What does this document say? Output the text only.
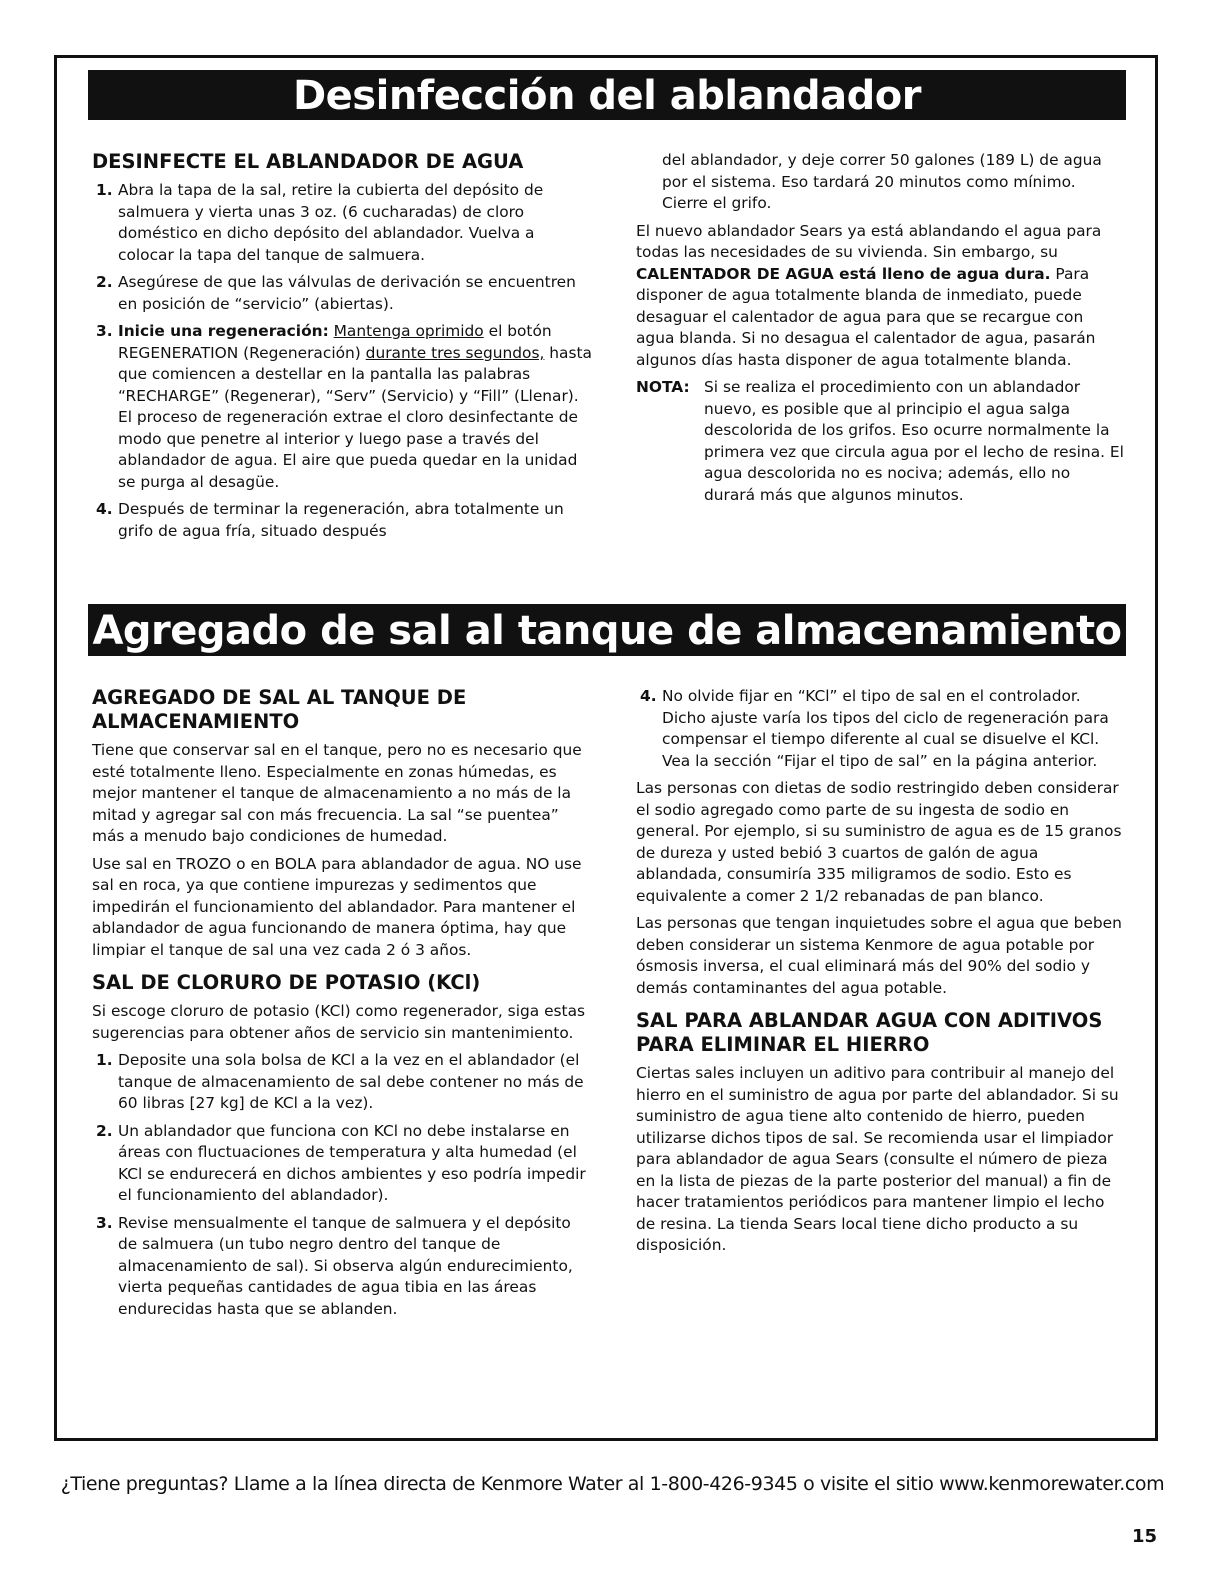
Desinfección del ablandador
DESINFECTE EL ABLANDADOR DE AGUA
1. Abra la tapa de la sal, retire la cubierta del depósito de salmuera y vierta unas 3 oz. (6 cucharadas) de cloro doméstico en dicho depósito del ablandador. Vuelva a colocar la tapa del tanque de salmuera.
2. Asegúrese de que las válvulas de derivación se encuentren en posición de “servicio” (abiertas).
3. Inicie una regeneración: Mantenga oprimido el botón REGENERATION (Regeneración) durante tres segundos, hasta que comiencen a destellar en la pantalla las palabras “RECHARGE” (Regenerar), “Serv” (Servicio) y “Fill” (Llenar). El proceso de regeneración extrae el cloro desinfectante de modo que penetre al interior y luego pase a través del ablandador de agua. El aire que pueda quedar en la unidad se purga al desagüe.
4. Después de terminar la regeneración, abra totalmente un grifo de agua fría, situado después
del ablandador, y deje correr 50 galones (189 L) de agua por el sistema. Eso tardará 20 minutos como mínimo. Cierre el grifo.

El nuevo ablandador Sears ya está ablandando el agua para todas las necesidades de su vivienda. Sin embargo, su CALENTADOR DE AGUA está lleno de agua dura. Para disponer de agua totalmente blanda de inmediato, puede desaguar el calentador de agua para que se recargue con agua blanda. Si no desagua el calentador de agua, pasarán algunos días hasta disponer de agua totalmente blanda.

NOTA: Si se realiza el procedimiento con un ablandador nuevo, es posible que al principio el agua salga descolorida de los grifos. Eso ocurre normalmente la primera vez que circula agua por el lecho de resina. El agua descolorida no es nociva; además, ello no durará más que algunos minutos.
Agregado de sal al tanque de almacenamiento
AGREGADO DE SAL AL TANQUE DE ALMACENAMIENTO

Tiene que conservar sal en el tanque, pero no es necesario que esté totalmente lleno. Especialmente en zonas húmedas, es mejor mantener el tanque de almacenamiento a no más de la mitad y agregar sal con más frecuencia. La sal “se puentea” más a menudo bajo condiciones de humedad.

Use sal en TROZO o en BOLA para ablandador de agua. NO use sal en roca, ya que contiene impurezas y sedimentos que impedirán el funcionamiento del ablandador. Para mantener el ablandador de agua funcionando de manera óptima, hay que limpiar el tanque de sal una vez cada 2 ó 3 años.

SAL DE CLORURO DE POTASIO (KCl)

Si escoge cloruro de potasio (KCl) como regenerador, siga estas sugerencias para obtener años de servicio sin mantenimiento.

1. Deposite una sola bolsa de KCl a la vez en el ablandador (el tanque de almacenamiento de sal debe contener no más de 60 libras [27 kg] de KCl a la vez).
2. Un ablandador que funciona con KCl no debe instalarse en áreas con fluctuaciones de temperatura y alta humedad (el KCl se endurecerá en dichos ambientes y eso podría impedir el funcionamiento del ablandador).
3. Revise mensualmente el tanque de salmuera y el depósito de salmuera (un tubo negro dentro del tanque de almacenamiento de sal). Si observa algún endurecimiento, vierta pequeñas cantidades de agua tibia en las áreas endurecidas hasta que se ablanden.
4. No olvide fijar en “KCl” el tipo de sal en el controlador. Dicho ajuste varía los tipos del ciclo de regeneración para compensar el tiempo diferente al cual se disuelve el KCl. Vea la sección “Fijar el tipo de sal” en la página anterior.

Las personas con dietas de sodio restringido deben considerar el sodio agregado como parte de su ingesta de sodio en general. Por ejemplo, si su suministro de agua es de 15 granos de dureza y usted bebió 3 cuartos de galón de agua ablandada, consumiría 335 miligramos de sodio. Esto es equivalente a comer 2 1/2 rebanadas de pan blanco.

Las personas que tengan inquietudes sobre el agua que beben deben considerar un sistema Kenmore de agua potable por ósmosis inversa, el cual eliminará más del 90% del sodio y demás contaminantes del agua potable.

SAL PARA ABLANDAR AGUA CON ADITIVOS PARA ELIMINAR EL HIERRO

Ciertas sales incluyen un aditivo para contribuir al manejo del hierro en el suministro de agua por parte del ablandador. Si su suministro de agua tiene alto contenido de hierro, pueden utilizarse dichos tipos de sal. Se recomienda usar el limpiador para ablandador de agua Sears (consulte el número de pieza en la lista de piezas de la parte posterior del manual) a fin de hacer tratamientos periódicos para mantener limpio el lecho de resina. La tienda Sears local tiene dicho producto a su disposición.

¿Tiene preguntas? Llame a la línea directa de Kenmore Water al 1-800-426-9345 o visite el sitio www.kenmorewater.com
15
